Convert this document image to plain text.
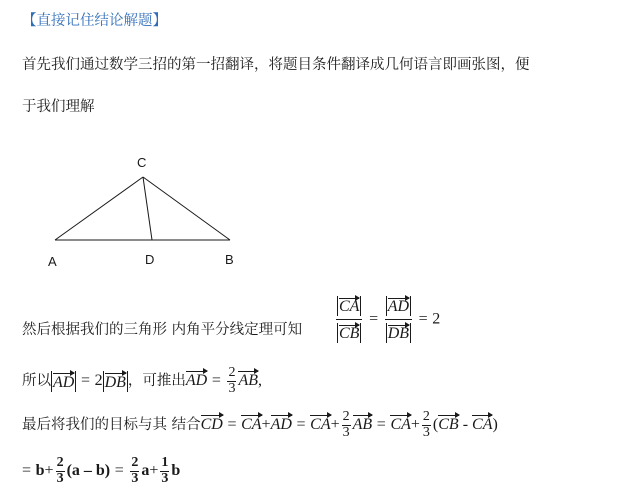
【直接记住结论解题】
首先我们通过数学三招的第一招翻译，将题目条件翻译成几何语言即画张图，便
于我们理解
C
A	D	B
然后根据我们的三角形 内角平分线定理可知 $\frac{CA}{CB} = \frac{AD}{DB} = 2$
所以 AD = 2 DB ，可推出AD = $\frac{2}{3}$ AB,
最后将我们的目标与其 结合CD = $CA+AD = CA+ \frac{2}{3}$ AB = $CA+ \frac{2}{3} (CB - CA)$
= $b+ \frac{2}{3} (a - b) = \frac{2}{3} a+ \frac{1}{3}$ b
